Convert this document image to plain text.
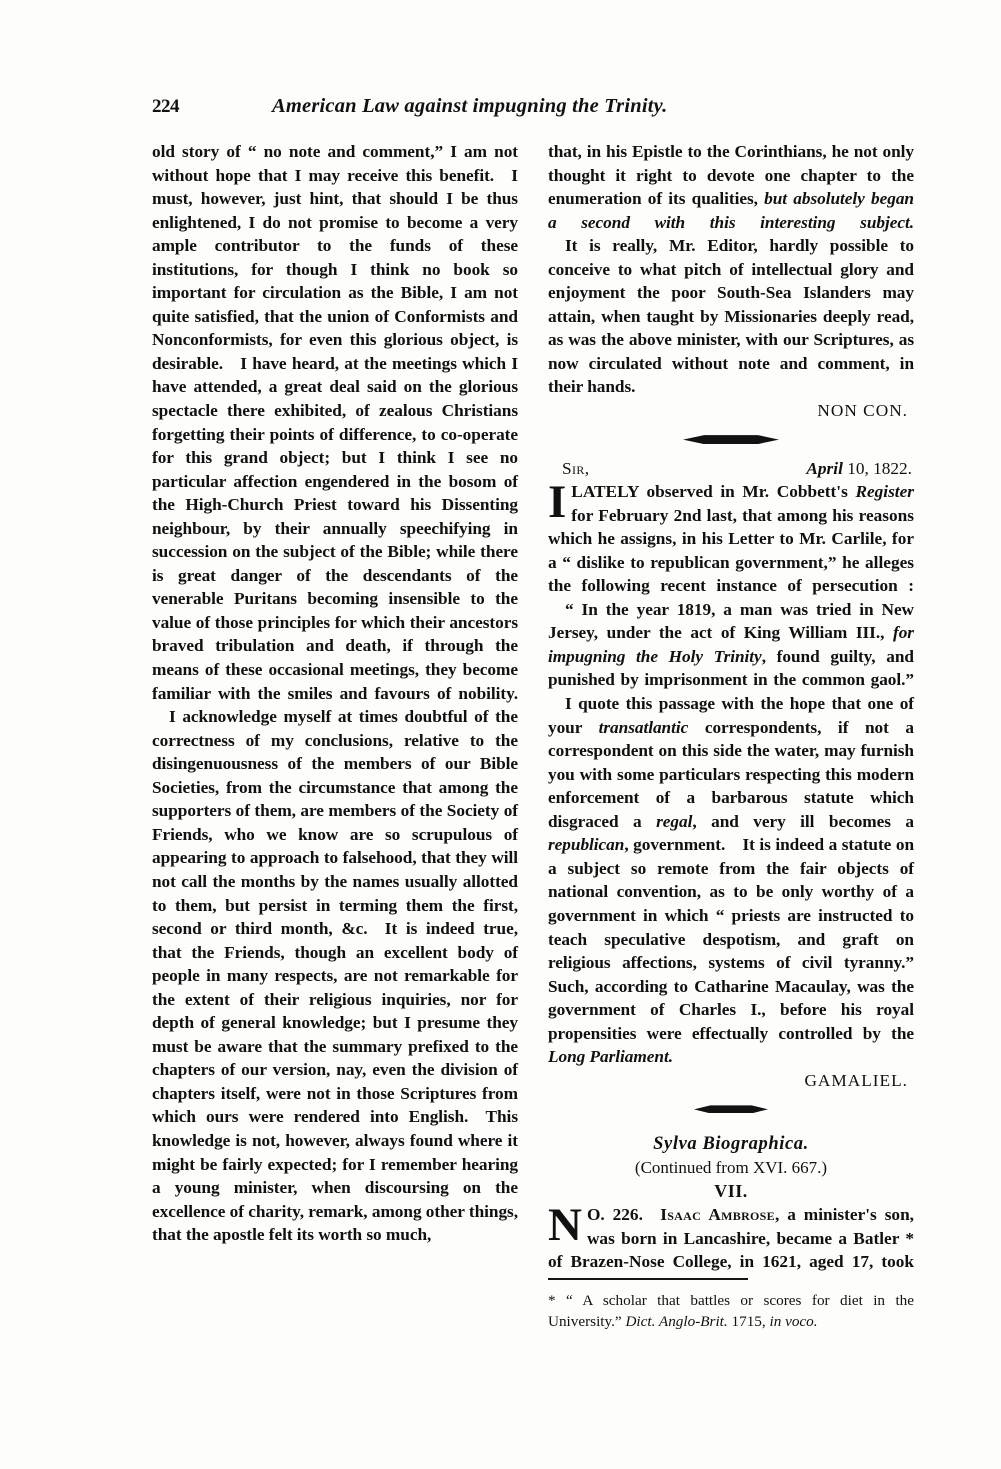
224	American Law against impugning the Trinity.

old story of “ no note and comment,” I am not without hope that I may receive this benefit. I must, however, just hint, that should I be thus enlightened, I do not promise to become a very ample contributor to the funds of these institutions, for though I think no book so important for circulation as the Bible, I am not quite satisfied, that the union of Conformists and Nonconformists, for even this glorious object, is desirable. I have heard, at the meetings which I have attended, a great deal said on the glorious spectacle there exhibited, of zealous Christians forgetting their points of difference, to co-operate for this grand object; but I think I see no particular affection engendered in the bosom of the High-Church Priest toward his Dissenting neighbour, by their annually speechifying in succession on the subject of the Bible; while there is great danger of the descendants of the venerable Puritans becoming insensible to the value of those principles for which their ancestors braved tribulation and death, if through the means of these occasional meetings, they become familiar with the smiles and favours of nobility.

I acknowledge myself at times doubtful of the correctness of my conclusions, relative to the disingenuousness of the members of our Bible Societies, from the circumstance that among the supporters of them, are members of the Society of Friends, who we know are so scrupulous of appearing to approach to falsehood, that they will not call the months by the names usually allotted to them, but persist in terming them the first, second or third month, &c. It is indeed true, that the Friends, though an excellent body of people in many respects, are not remarkable for the extent of their religious inquiries, nor for depth of general knowledge; but I presume they must be aware that the summary prefixed to the chapters of our version, nay, even the division of chapters itself, were not in those Scriptures from which ours were rendered into English. This knowledge is not, however, always found where it might be fairly expected; for I remember hearing a young minister, when discoursing on the excellence of charity, remark, among other things, that the apostle felt its worth so much,

that, in his Epistle to the Corinthians, he not only thought it right to devote one chapter to the enumeration of its qualities, but absolutely began a second with this interesting subject.

It is really, Mr. Editor, hardly possible to conceive to what pitch of intellectual glory and enjoyment the poor South-Sea Islanders may attain, when taught by Missionaries deeply read, as was the above minister, with our Scriptures, as now circulated without note and comment, in their hands.

NON CON.

Sir,	April 10, 1822.
I LATELY observed in Mr. Cobbett's Register for February 2nd last, that among his reasons which he assigns, in his Letter to Mr. Carlile, for a “ dislike to republican government,” he alleges the following recent instance of persecution :

“ In the year 1819, a man was tried in New Jersey, under the act of King William III., for impugning the Holy Trinity, found guilty, and punished by imprisonment in the common gaol.”

I quote this passage with the hope that one of your transatlantic correspondents, if not a correspondent on this side the water, may furnish you with some particulars respecting this modern enforcement of a barbarous statute which disgraced a regal, and very ill becomes a republican, government. It is indeed a statute on a subject so remote from the fair objects of national convention, as to be only worthy of a government in which “ priests are instructed to teach speculative despotism, and graft on religious affections, systems of civil tyranny.” Such, according to Catharine Macaulay, was the government of Charles I., before his royal propensities were effectually controlled by the Long Parliament.

GAMALIEL.

Sylva Biographica.
(Continued from XVI. 667.)
VII.
N O. 226. Isaac Ambrose, a minister's son, was born in Lancashire, became a Batler * of Brazen-Nose College, in 1621, aged 17, took

* “ A scholar that battles or scores for diet in the University.” Dict. Anglo-Brit. 1715, in voco.
